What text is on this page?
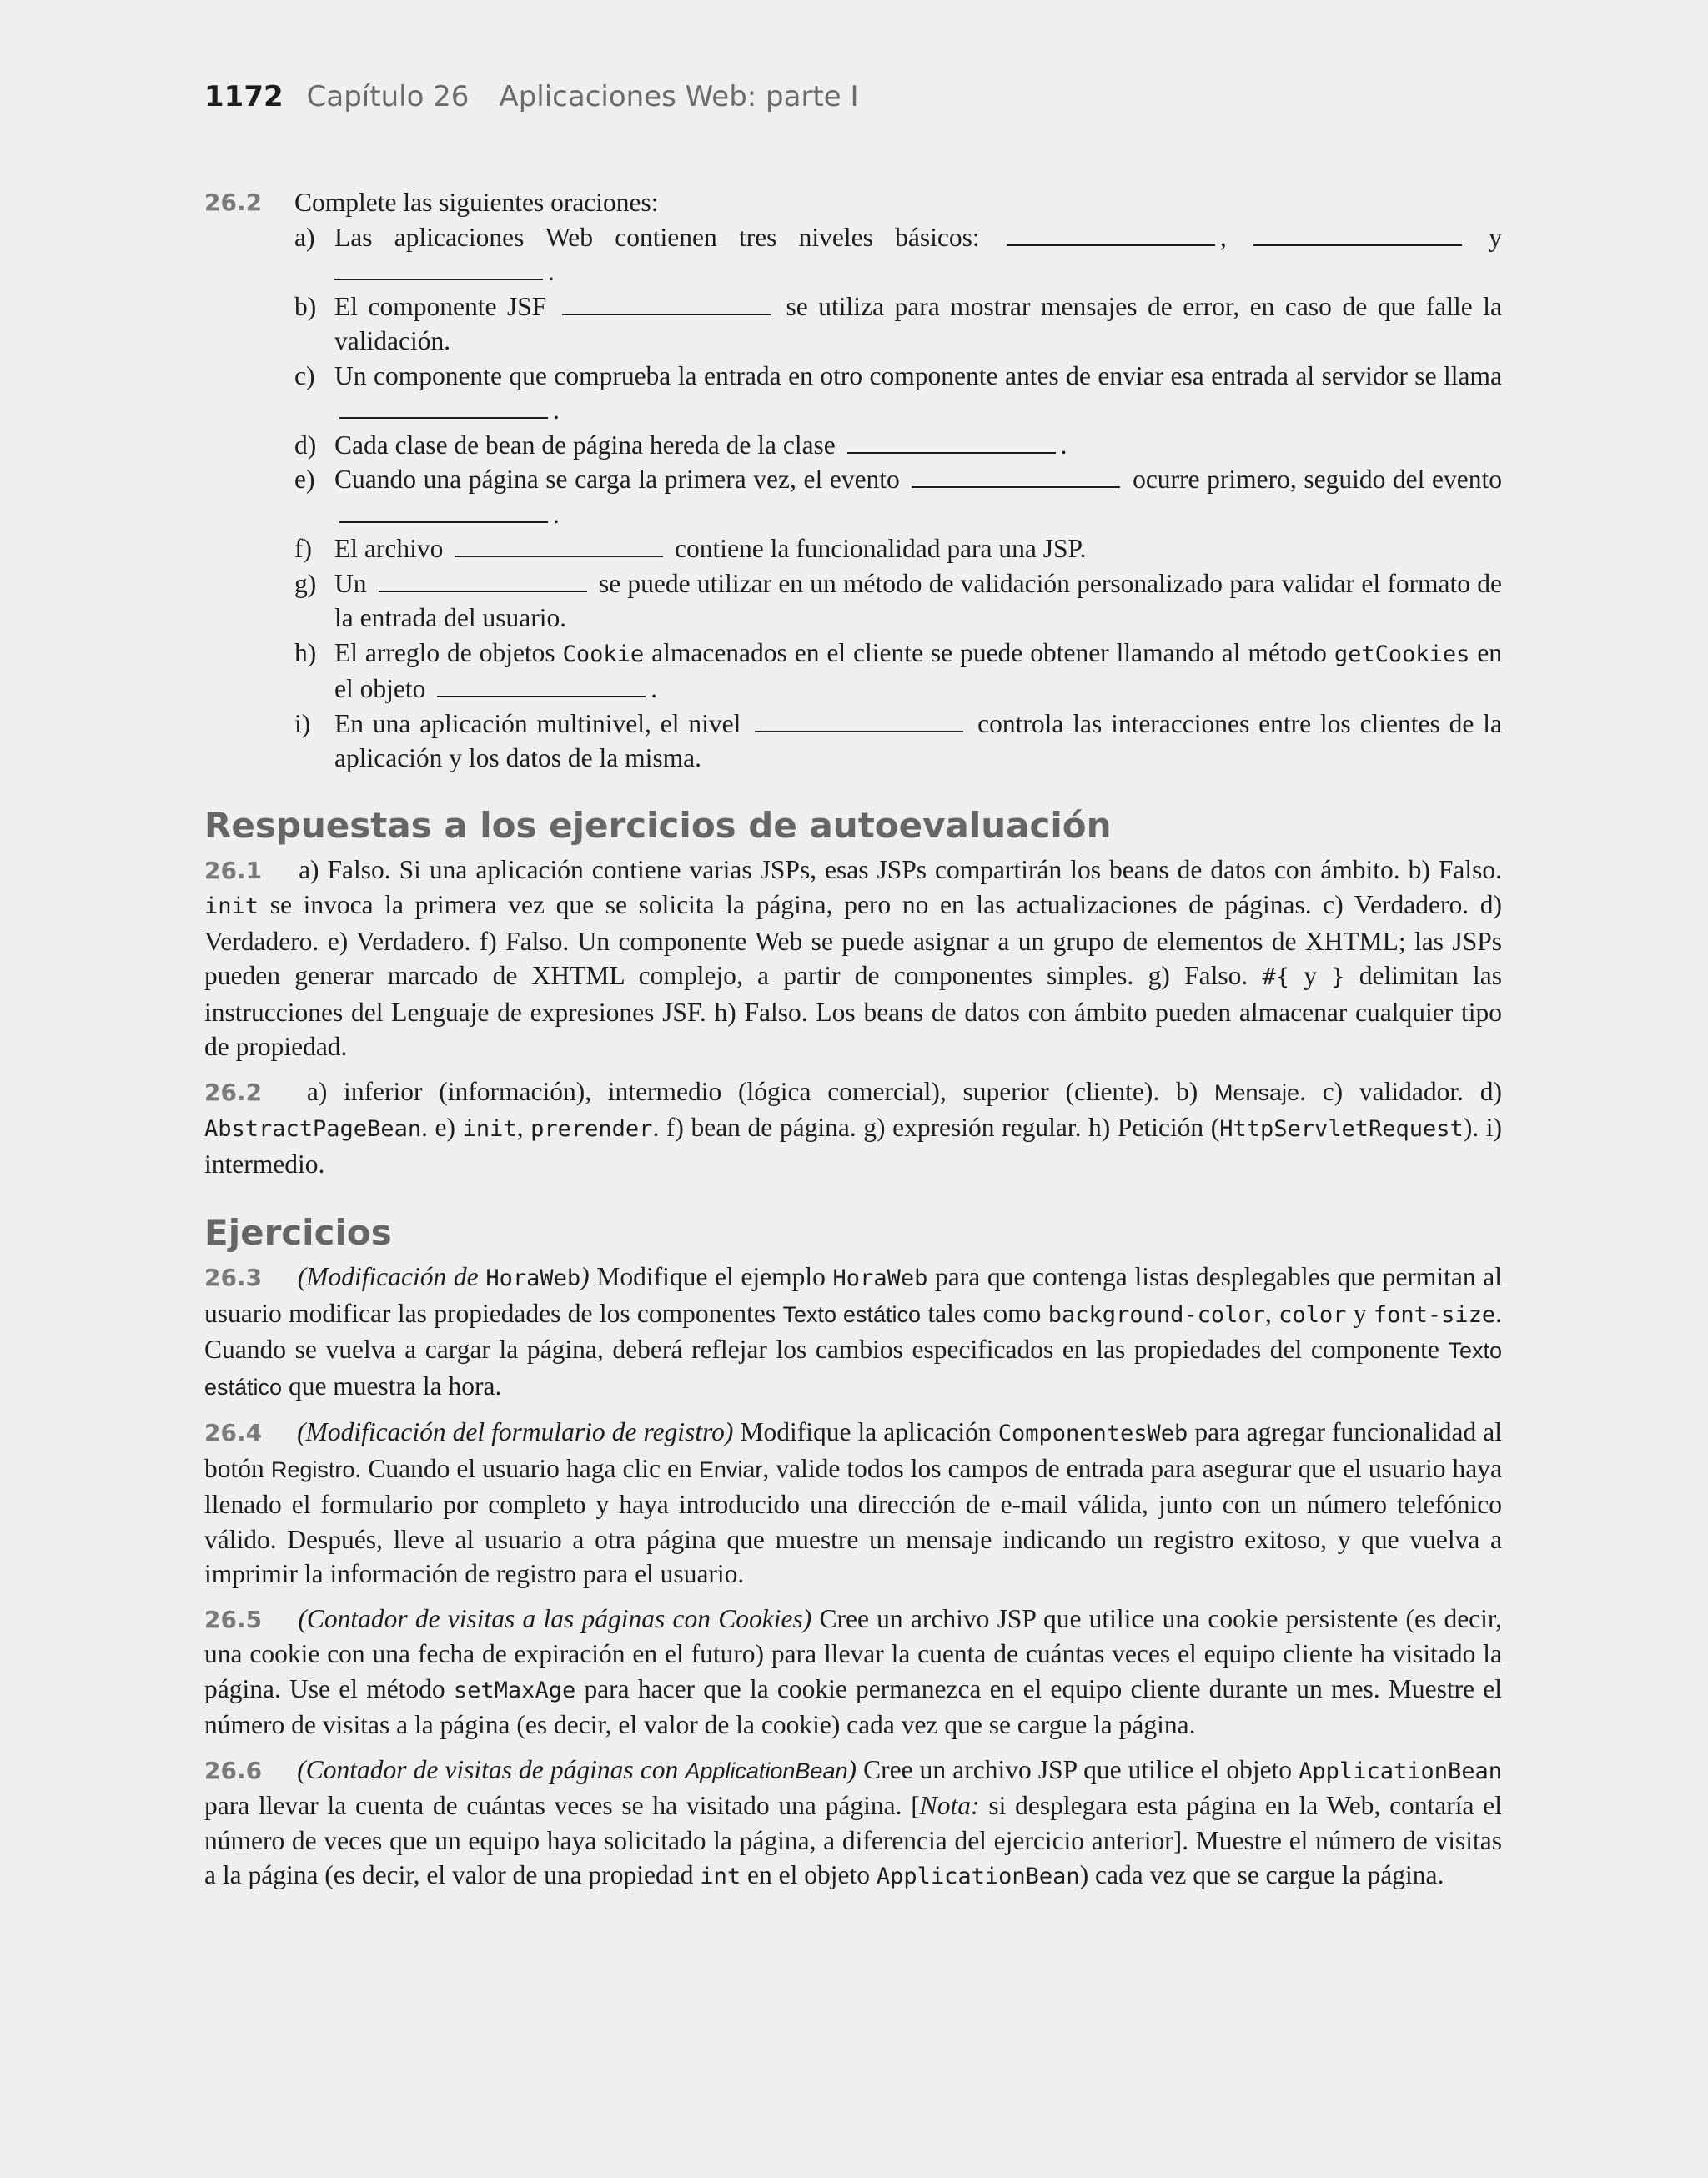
1172 Capítulo 26 Aplicaciones Web: parte I
26.2	Complete las siguientes oraciones:
a) Las aplicaciones Web contienen tres niveles básicos:	,	y
.
b) El componente JSF	se utiliza para mostrar mensajes de error, en caso de que falle la validación.
c) Un componente que comprueba la entrada en otro componente antes de enviar esa entrada al servidor se llama .
d) Cada clase de bean de página hereda de la clase	.
e) Cuando una página se carga la primera vez, el evento	ocurre primero, seguido del evento .
f) El archivo	contiene la funcionalidad para una JSP.
g) Un	se puede utilizar en un método de validación personalizado para validar el formato de la entrada del usuario.
h) El arreglo de objetos Cookie almacenados en el cliente se puede obtener llamando al método getCookies en el objeto	.
i) En una aplicación multinivel, el nivel	controla las interacciones entre los clientes de la aplicación y los datos de la misma.
Respuestas a los ejercicios de autoevaluación

26.1 a) Falso. Si una aplicación contiene varias JSPs, esas JSPs compartirán los beans de datos con ámbito. b) Falso. init se invoca la primera vez que se solicita la página, pero no en las actualizaciones de páginas. c) Verdadero. d) Verdadero. e) Verdadero. f) Falso. Un componente Web se puede asignar a un grupo de elementos de XHTML; las JSPs pueden generar marcado de XHTML complejo, a partir de componentes simples. g) Falso. #{ y } delimitan las instrucciones del Lenguaje de expresiones JSF. h) Falso. Los beans de datos con ámbito pueden almacenar cualquier tipo de propiedad.

26.2 a) inferior (información), intermedio (lógica comercial), superior (cliente). b) Mensaje. c) validador. d) AbstractPageBean. e) init, prerender. f) bean de página. g) expresión regular. h) Petición (HttpServletRequest). i) intermedio.

Ejercicios

26.3 (Modificación de HoraWeb) Modifique el ejemplo HoraWeb para que contenga listas desplegables que permitan al usuario modificar las propiedades de los componentes Texto estático tales como background-color, color y font-size. Cuando se vuelva a cargar la página, deberá reflejar los cambios especificados en las propiedades del componente Texto estático que muestra la hora.

26.4 (Modificación del formulario de registro) Modifique la aplicación ComponentesWeb para agregar funcionalidad al botón Registro. Cuando el usuario haga clic en Enviar, valide todos los campos de entrada para asegurar que el usuario haya llenado el formulario por completo y haya introducido una dirección de e-mail válida, junto con un número telefónico válido. Después, lleve al usuario a otra página que muestre un mensaje indicando un registro exitoso, y que vuelva a imprimir la información de registro para el usuario.

26.5 (Contador de visitas a las páginas con Cookies) Cree un archivo JSP que utilice una cookie persistente (es decir, una cookie con una fecha de expiración en el futuro) para llevar la cuenta de cuántas veces el equipo cliente ha visitado la página. Use el método setMaxAge para hacer que la cookie permanezca en el equipo cliente durante un mes. Muestre el número de visitas a la página (es decir, el valor de la cookie) cada vez que se cargue la página.

26.6 (Contador de visitas de páginas con ApplicationBean) Cree un archivo JSP que utilice el objeto ApplicationBean para llevar la cuenta de cuántas veces se ha visitado una página. [Nota: si desplegara esta página en la Web, contaría el número de veces que un equipo haya solicitado la página, a diferencia del ejercicio anterior]. Muestre el número de visitas a la página (es decir, el valor de una propiedad int en el objeto ApplicationBean) cada vez que se cargue la página.
